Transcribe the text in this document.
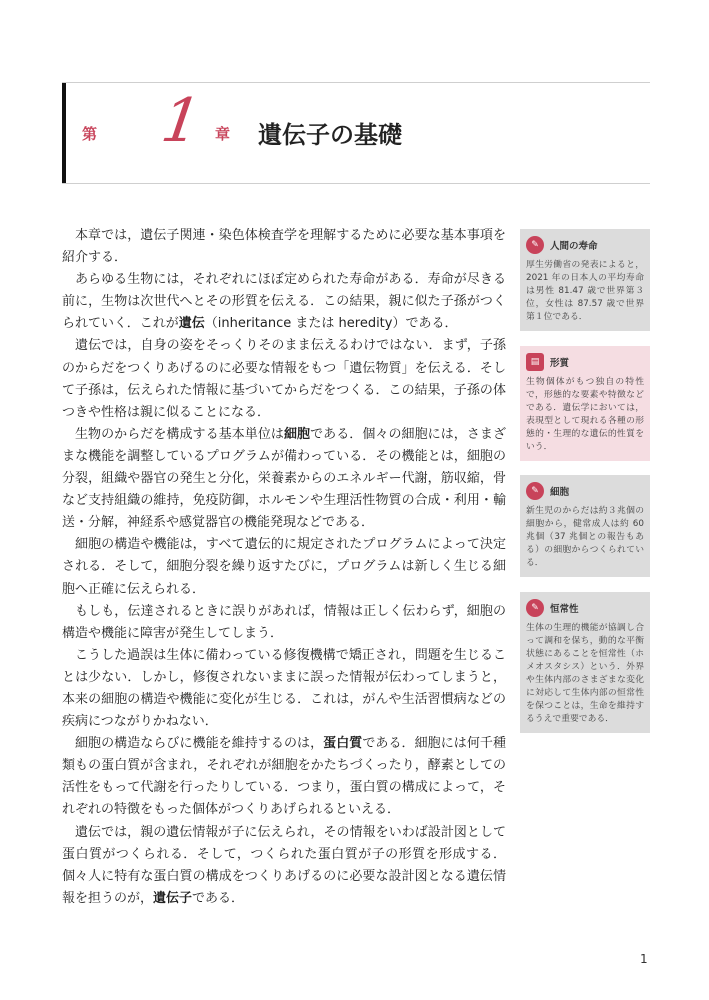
第 1 章 遺伝子の基礎

本章では，遺伝子関連・染色体検査学を理解するために必要な基本事項を紹介する．

あらゆる生物には，それぞれにほぼ定められた寿命がある．寿命が尽きる前に，生物は次世代へとその形質を伝える．この結果，親に似た子孫がつくられていく．これが遺伝（inheritance または heredity）である．

遺伝では，自身の姿をそっくりそのまま伝えるわけではない．まず，子孫のからだをつくりあげるのに必要な情報をもつ「遺伝物質」を伝える．そして子孫は，伝えられた情報に基づいてからだをつくる．この結果，子孫の体つきや性格は親に似ることになる．

生物のからだを構成する基本単位は細胞である．個々の細胞には，さまざまな機能を調整しているプログラムが備わっている．その機能とは，細胞の分裂，組織や器官の発生と分化，栄養素からのエネルギー代謝，筋収縮，骨など支持組織の維持，免疫防御，ホルモンや生理活性物質の合成・利用・輸送・分解，神経系や感覚器官の機能発現などである．

細胞の構造や機能は，すべて遺伝的に規定されたプログラムによって決定される．そして，細胞分裂を繰り返すたびに，プログラムは新しく生じる細胞へ正確に伝えられる．

もしも，伝達されるときに誤りがあれば，情報は正しく伝わらず，細胞の構造や機能に障害が発生してしまう．

こうした過誤は生体に備わっている修復機構で矯正され，問題を生じることは少ない．しかし，修復されないままに誤った情報が伝わってしまうと，本来の細胞の構造や機能に変化が生じる．これは，がんや生活習慣病などの疾病につながりかねない．

細胞の構造ならびに機能を維持するのは，蛋白質である．細胞には何千種類もの蛋白質が含まれ，それぞれが細胞をかたちづくったり，酵素としての活性をもって代謝を行ったりしている．つまり，蛋白質の構成によって，それぞれの特徴をもった個体がつくりあげられるといえる．

遺伝では，親の遺伝情報が子に伝えられ，その情報をいわば設計図として蛋白質がつくられる．そして，つくられた蛋白質が子の形質を形成する．個々人に特有な蛋白質の構成をつくりあげるのに必要な設計図となる遺伝情報を担うのが，遺伝子である．

✎	人間の寿命
厚生労働省の発表によると，2021 年の日本人の平均寿命は男性 81.47 歳で世界第３位，女性は 87.57 歳で世界第１位である．
▤	形質
生物個体がもつ独自の特性で，形態的な要素や特徴などである．遺伝学においては，表現型として現れる各種の形態的・生理的な遺伝的性質をいう．
✎	細胞
新生児のからだは約３兆個の細胞から，健常成人は約 60 兆個（37 兆個との報告もある）の細胞からつくられている．
✎	恒常性
生体の生理的機能が協調し合って調和を保ち，動的な平衡状態にあることを恒常性（ホメオスタシス）という．外界や生体内部のさまざまな変化に対応して生体内部の恒常性を保つことは，生命を維持するうえで重要である．
1
